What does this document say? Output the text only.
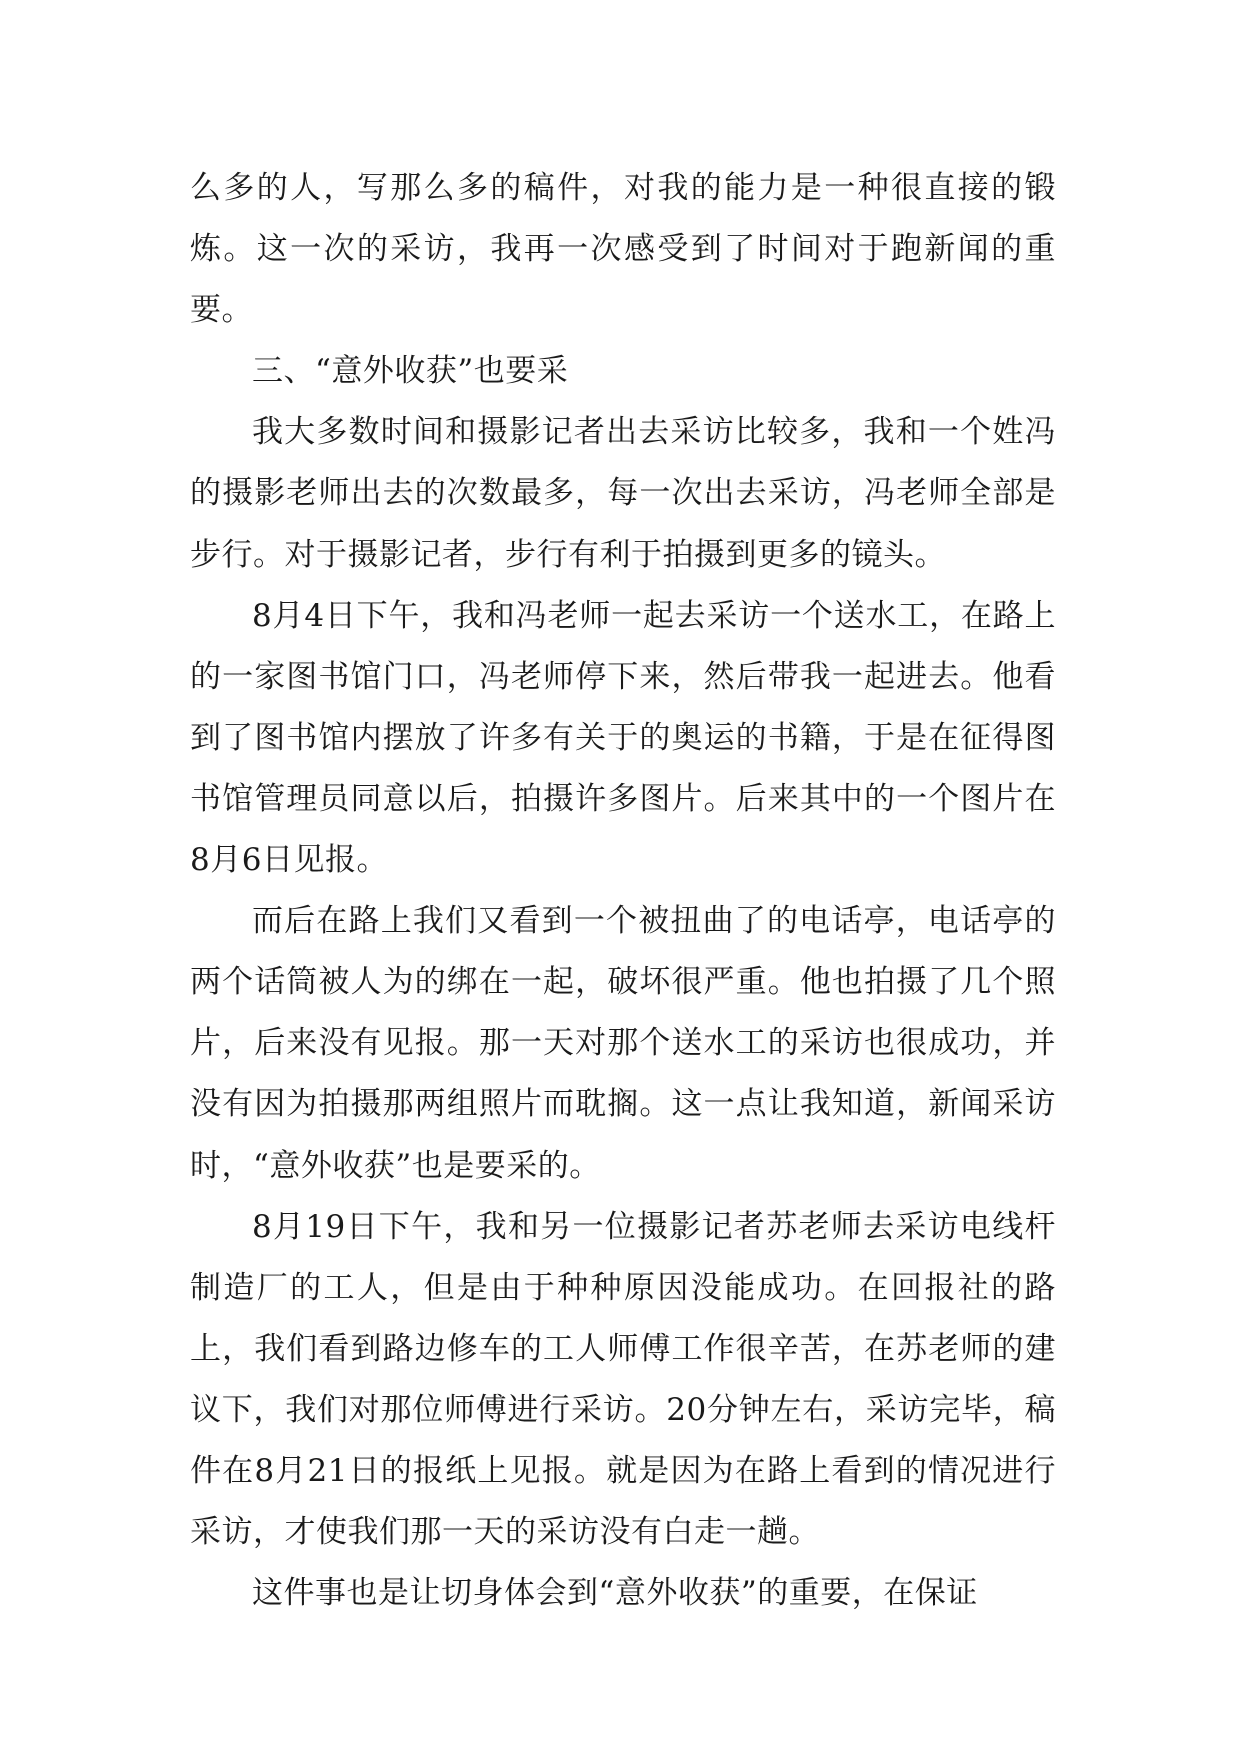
么多的人，写那么多的稿件，对我的能力是一种很直接的锻炼。这一次的采访，我再一次感受到了时间对于跑新闻的重要。

三、“意外收获”也要采

我大多数时间和摄影记者出去采访比较多，我和一个姓冯的摄影老师出去的次数最多，每一次出去采访，冯老师全部是步行。对于摄影记者，步行有利于拍摄到更多的镜头。

8月4日下午，我和冯老师一起去采访一个送水工，在路上的一家图书馆门口，冯老师停下来，然后带我一起进去。他看到了图书馆内摆放了许多有关于的奥运的书籍，于是在征得图书馆管理员同意以后，拍摄许多图片。后来其中的一个图片在8月6日见报。

而后在路上我们又看到一个被扭曲了的电话亭，电话亭的两个话筒被人为的绑在一起，破坏很严重。他也拍摄了几个照片，后来没有见报。那一天对那个送水工的采访也很成功，并没有因为拍摄那两组照片而耽搁。这一点让我知道，新闻采访时，“意外收获”也是要采的。

8月19日下午，我和另一位摄影记者苏老师去采访电线杆制造厂的工人，但是由于种种原因没能成功。在回报社的路上，我们看到路边修车的工人师傅工作很辛苦，在苏老师的建议下，我们对那位师傅进行采访。20分钟左右，采访完毕，稿件在8月21日的报纸上见报。就是因为在路上看到的情况进行采访，才使我们那一天的采访没有白走一趟。

这件事也是让切身体会到“意外收获”的重要，在保证
